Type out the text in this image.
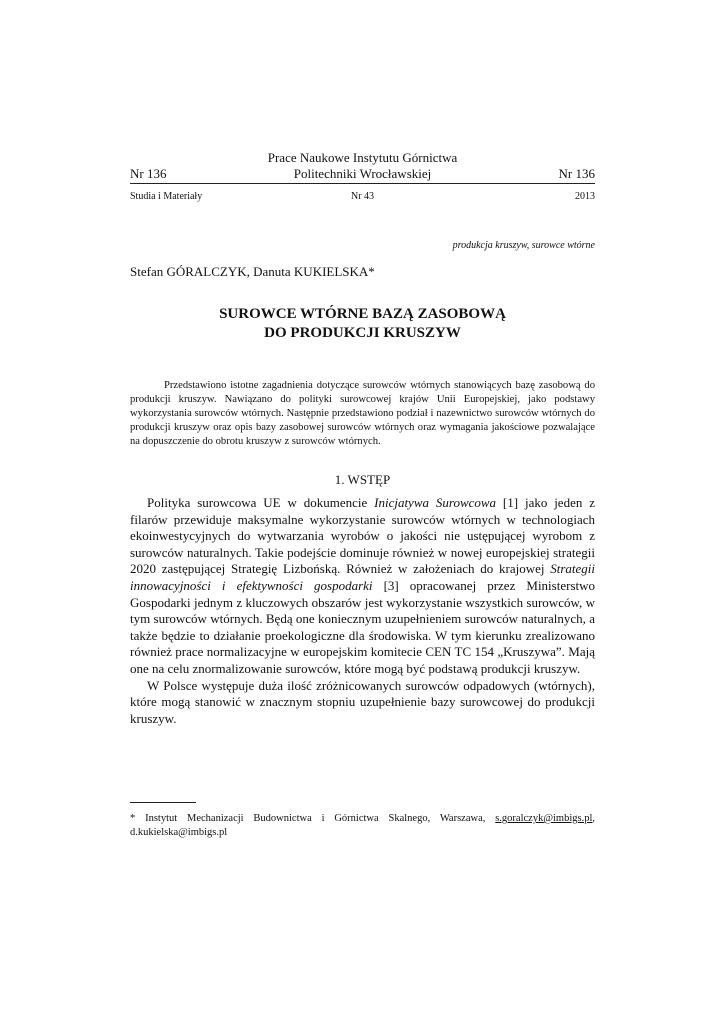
Prace Naukowe Instytutu Górnictwa
Politechniki Wrocławskiej
Nr 136	Nr 136
Studia i Materiały	Nr 43	2013
produkcja kruszyw, surowce wtórne
Stefan GÓRALCZYK, Danuta KUKIELSKA*
SUROWCE WTÓRNE BAZĄ ZASOBOWĄ
DO PRODUKCJI KRUSZYW

Przedstawiono istotne zagadnienia dotyczące surowców wtórnych stanowiących bazę zasobową do produkcji kruszyw. Nawiązano do polityki surowcowej krajów Unii Europejskiej, jako podstawy wykorzystania surowców wtórnych. Następnie przedstawiono podział i nazewnictwo surowców wtórnych do produkcji kruszyw oraz opis bazy zasobowej surowców wtórnych oraz wymagania jakościowe pozwalające na dopuszczenie do obrotu kruszyw z surowców wtórnych.

1. WSTĘP

Polityka surowcowa UE w dokumencie Inicjatywa Surowcowa [1] jako jeden z filarów przewiduje maksymalne wykorzystanie surowców wtórnych w technologiach ekoinwestycyjnych do wytwarzania wyrobów o jakości nie ustępującej wyrobom z surowców naturalnych. Takie podejście dominuje również w nowej europejskiej strategii 2020 zastępującej Strategię Lizbońską. Również w założeniach do krajowej Strategii innowacyjności i efektywności gospodarki [3] opracowanej przez Ministerstwo Gospodarki jednym z kluczowych obszarów jest wykorzystanie wszystkich surowców, w tym surowców wtórnych. Będą one koniecznym uzupełnieniem surowców naturalnych, a także będzie to działanie proekologiczne dla środowiska. W tym kierunku zrealizowano również prace normalizacyjne w europejskim komitecie CEN TC 154 „Kruszywa”. Mają one na celu znormalizowanie surowców, które mogą być podstawą produkcji kruszyw.

W Polsce występuje duża ilość zróżnicowanych surowców odpadowych (wtórnych), które mogą stanowić w znacznym stopniu uzupełnienie bazy surowcowej do produkcji kruszyw.

* Instytut Mechanizacji Budownictwa i Górnictwa Skalnego, Warszawa, s.goralczyk@imbigs.pl, d.kukielska@imbigs.pl
